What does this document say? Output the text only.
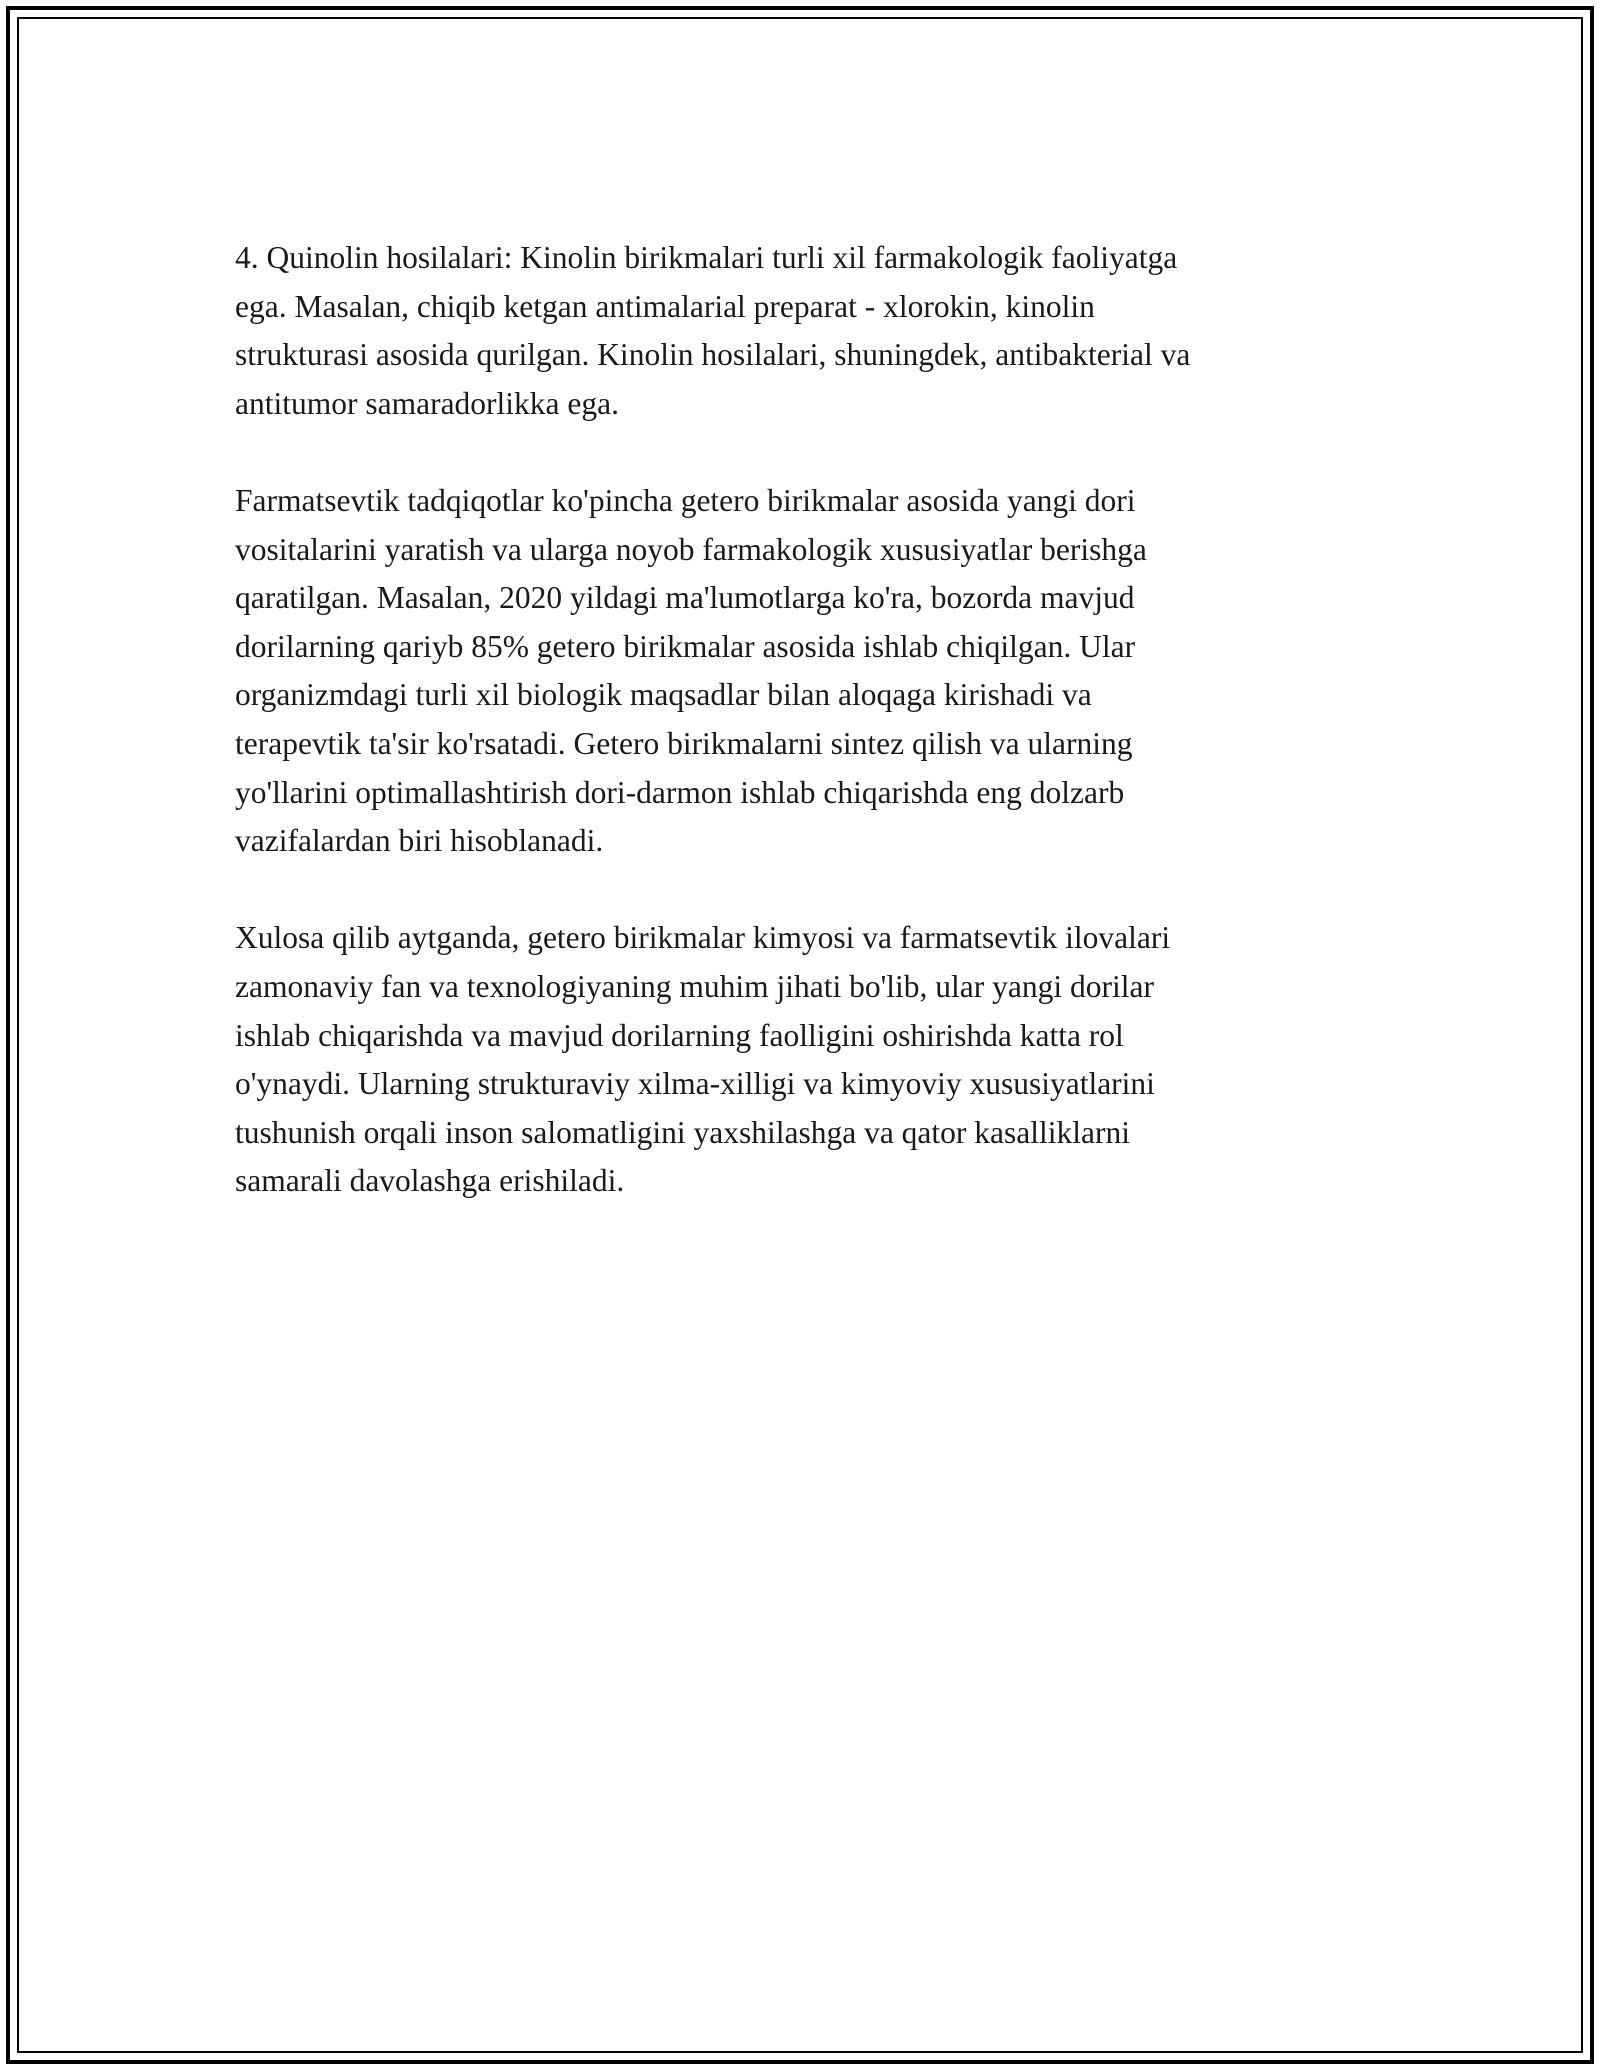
4. Quinolin hosilalari: Kinolin birikmalari turli xil farmakologik faoliyatga
ega. Masalan, chiqib ketgan antimalarial preparat - xlorokin, kinolin
strukturasi asosida qurilgan. Kinolin hosilalari, shuningdek, antibakterial va
antitumor samaradorlikka ega.

Farmatsevtik tadqiqotlar ko'pincha getero birikmalar asosida yangi dori
vositalarini yaratish va ularga noyob farmakologik xususiyatlar berishga
qaratilgan. Masalan, 2020 yildagi ma'lumotlarga ko'ra, bozorda mavjud
dorilarning qariyb 85% getero birikmalar asosida ishlab chiqilgan. Ular
organizmdagi turli xil biologik maqsadlar bilan aloqaga kirishadi va
terapevtik ta'sir ko'rsatadi. Getero birikmalarni sintez qilish va ularning
yo'llarini optimallashtirish dori-darmon ishlab chiqarishda eng dolzarb
vazifalardan biri hisoblanadi.

Xulosa qilib aytganda, getero birikmalar kimyosi va farmatsevtik ilovalari
zamonaviy fan va texnologiyaning muhim jihati bo'lib, ular yangi dorilar
ishlab chiqarishda va mavjud dorilarning faolligini oshirishda katta rol
o'ynaydi. Ularning strukturaviy xilma-xilligi va kimyoviy xususiyatlarini
tushunish orqali inson salomatligini yaxshilashga va qator kasalliklarni
samarali davolashga erishiladi.
